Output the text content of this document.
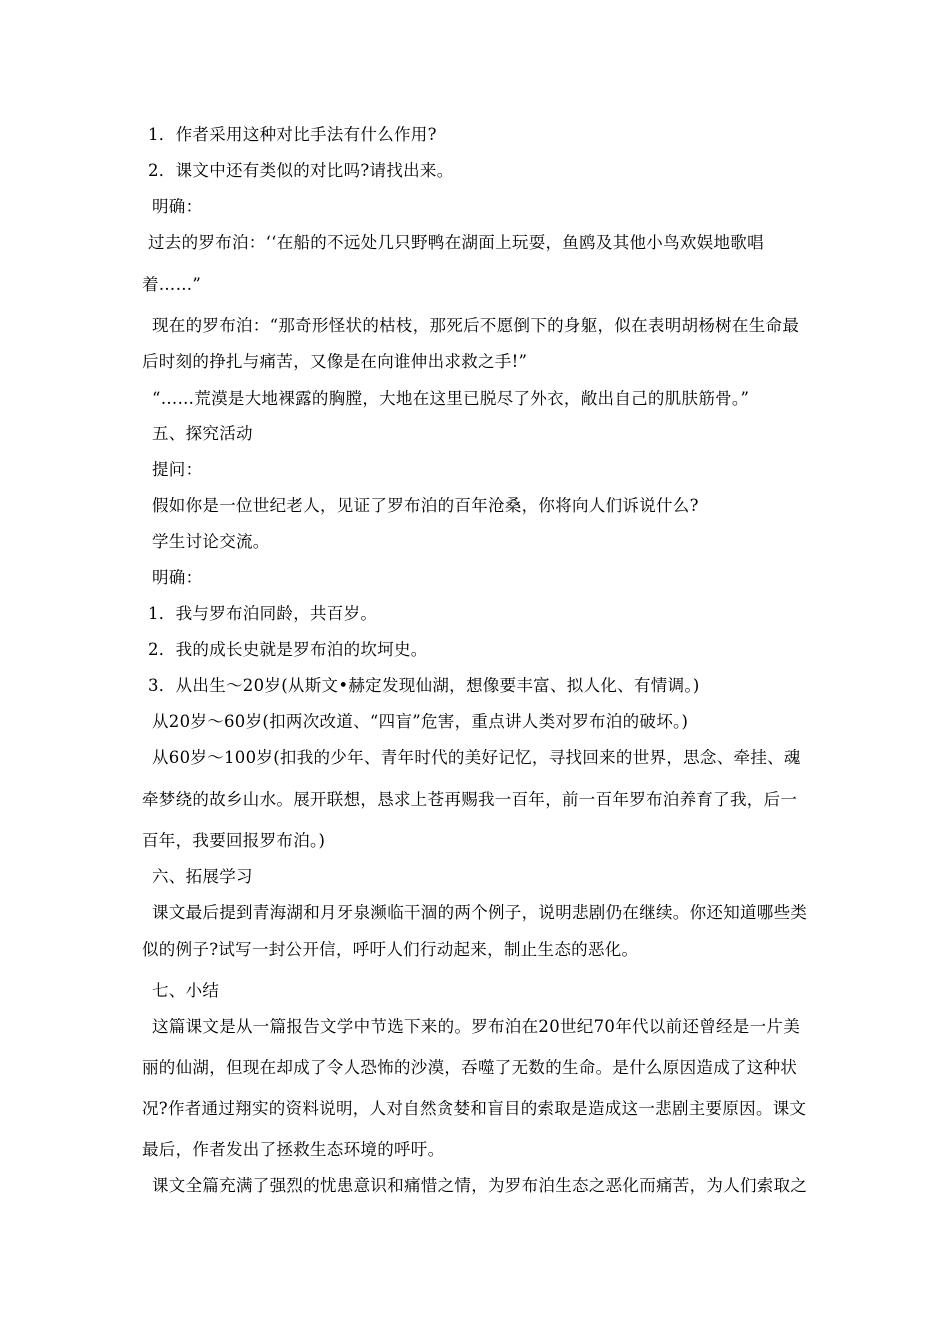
1．作者采用这种对比手法有什么作用?
2．课文中还有类似的对比吗?请找出来。
明确：
过去的罗布泊：‘‘在船的不远处几只野鸭在湖面上玩耍，鱼鸥及其他小鸟欢娱地歌唱
着……”
现在的罗布泊：“那奇形怪状的枯枝，那死后不愿倒下的身躯，似在表明胡杨树在生命最
后时刻的挣扎与痛苦，又像是在向谁伸出求救之手!”
“……荒漠是大地裸露的胸膛，大地在这里已脱尽了外衣，敞出自己的肌肤筋骨。”
五、探究活动
提问：
假如你是一位世纪老人，见证了罗布泊的百年沧桑，你将向人们诉说什么?
学生讨论交流。
明确：
1．我与罗布泊同龄，共百岁。
2．我的成长史就是罗布泊的坎坷史。
3．从出生～20岁(从斯文•赫定发现仙湖，想像要丰富、拟人化、有情调。)
从20岁～60岁(扣两次改道、“四盲”危害，重点讲人类对罗布泊的破坏。)
从60岁～100岁(扣我的少年、青年时代的美好记忆，寻找回来的世界，思念、牵挂、魂
牵梦绕的故乡山水。展开联想，恳求上苍再赐我一百年，前一百年罗布泊养育了我，后一
百年，我要回报罗布泊。)
六、拓展学习
课文最后提到青海湖和月牙泉濒临干涸的两个例子，说明悲剧仍在继续。你还知道哪些类
似的例子?试写一封公开信，呼吁人们行动起来，制止生态的恶化。
七、小结
这篇课文是从一篇报告文学中节选下来的。罗布泊在20世纪70年代以前还曾经是一片美
丽的仙湖，但现在却成了令人恐怖的沙漠，吞噬了无数的生命。是什么原因造成了这种状
况?作者通过翔实的资料说明，人对自然贪婪和盲目的索取是造成这一悲剧主要原因。课文
最后，作者发出了拯救生态环境的呼吁。
课文全篇充满了强烈的忧患意识和痛惜之情，为罗布泊生态之恶化而痛苦，为人们索取之
